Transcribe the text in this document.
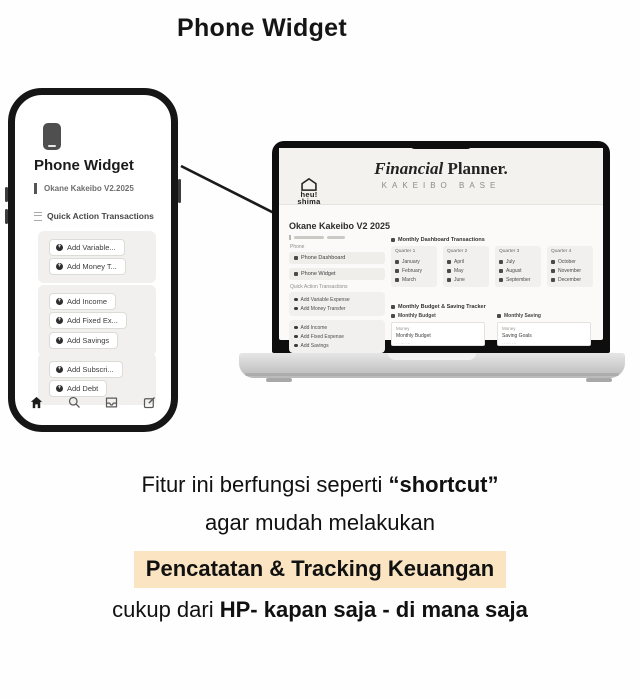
Phone Widget
Phone Widget
Okane Kakeibo V2.2025
Quick Action Transactions
+
Add Variable...
+
Add Money T...
+
Add Income
+
Add Fixed Ex...
+
Add Savings
+
Add Subscri...
+
Add Debt
Financial Planner.
KAKEIBO BASE
heu!
shima
Okane Kakeibo V2 2025
Phone
Phone Dashboard
Phone Widget
Quick Action Transactions
Add Variable Expense
Add Money Transfer
Add Income
Add Fixed Expense
Add Savings
Monthly Dashboard Transactions
Quarter 1
January
February
March
Quarter 2
April
May
June
Quarter 3
July
August
September
Quarter 4
October
November
December
Monthly Budget & Saving Tracker
Monthly Budget
Money
Monthly Budget
·· ··· ···
Monthly Saving
Money
Saving Goals
·· ··· ···
Fitur ini berfungsi seperti “shortcut”
agar mudah melakukan
Pencatatan & Tracking Keuangan
cukup dari HP- kapan saja - di mana saja
